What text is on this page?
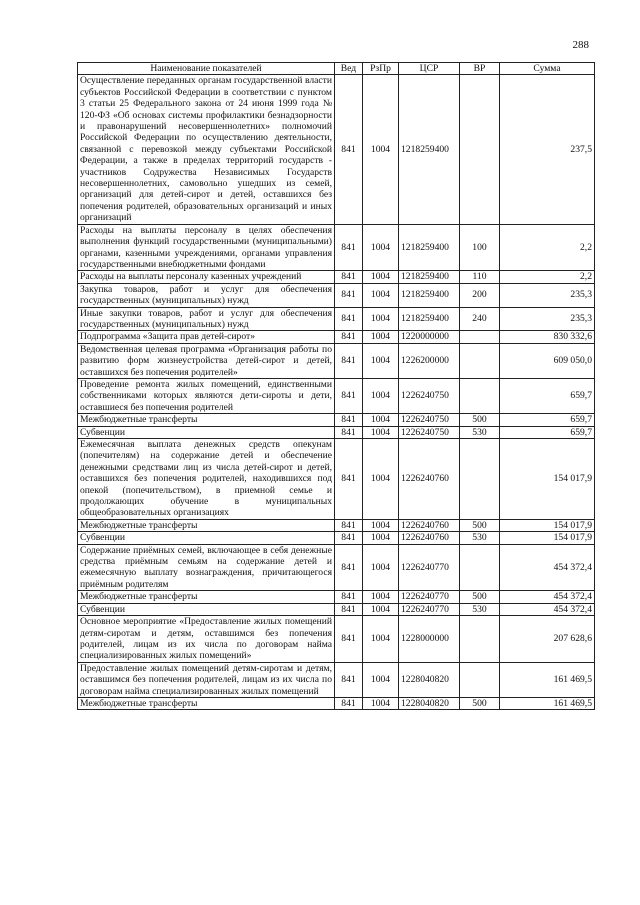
288
Наименование показателей	Вед	РзПр	ЦСР	ВР	Сумма
Осуществление переданных органам государственной власти субъектов Российской Федерации в соответствии с пунктом 3 статьи 25 Федерального закона от 24 июня 1999 года № 120-ФЗ «Об основах системы профилактики безнадзорности и правонарушений несовершеннолетних» полномочий Российской Федерации по осуществлению деятельности, связанной с перевозкой между субъектами Российской Федерации, а также в пределах территорий государств - участников Содружества Независимых Государств несовершеннолетних, самовольно ушедших из семей, организаций для детей-сирот и детей, оставшихся без попечения родителей, образовательных организаций и иных организаций	841	1004	1218259400		237,5
Расходы на выплаты персоналу в целях обеспечения выполнения функций государственными (муниципальными) органами, казенными учреждениями, органами управления государственными внебюджетными фондами	841	1004	1218259400	100	2,2
Расходы на выплаты персоналу казенных учреждений	841	1004	1218259400	110	2,2
Закупка товаров, работ и услуг для обеспечения государственных (муниципальных) нужд	841	1004	1218259400	200	235,3
Иные закупки товаров, работ и услуг для обеспечения государственных (муниципальных) нужд	841	1004	1218259400	240	235,3
Подпрограмма «Защита прав детей-сирот»	841	1004	1220000000		830 332,6
Ведомственная целевая программа «Организация работы по развитию форм жизнеустройства детей-сирот и детей, оставшихся без попечения родителей»	841	1004	1226200000		609 050,0
Проведение ремонта жилых помещений, единственными собственниками которых являются дети-сироты и дети, оставшиеся без попечения родителей	841	1004	1226240750		659,7
Межбюджетные трансферты	841	1004	1226240750	500	659,7
Субвенции	841	1004	1226240750	530	659,7
Ежемесячная выплата денежных средств опекунам (попечителям) на содержание детей и обеспечение денежными средствами лиц из числа детей-сирот и детей, оставшихся без попечения родителей, находившихся под опекой (попечительством), в приемной семье и продолжающих обучение в муниципальных общеобразовательных организациях	841	1004	1226240760		154 017,9
Межбюджетные трансферты	841	1004	1226240760	500	154 017,9
Субвенции	841	1004	1226240760	530	154 017,9
Содержание приёмных семей, включающее в себя денежные средства приёмным семьям на содержание детей и ежемесячную выплату вознаграждения, причитающегося приёмным родителям	841	1004	1226240770		454 372,4
Межбюджетные трансферты	841	1004	1226240770	500	454 372,4
Субвенции	841	1004	1226240770	530	454 372,4
Основное мероприятие «Предоставление жилых помещений детям-сиротам и детям, оставшимся без попечения родителей, лицам из их числа по договорам найма специализированных жилых помещений»	841	1004	1228000000		207 628,6
Предоставление жилых помещений детям-сиротам и детям, оставшимся без попечения родителей, лицам из их числа по договорам найма специализированных жилых помещений	841	1004	1228040820		161 469,5
Межбюджетные трансферты	841	1004	1228040820	500	161 469,5
